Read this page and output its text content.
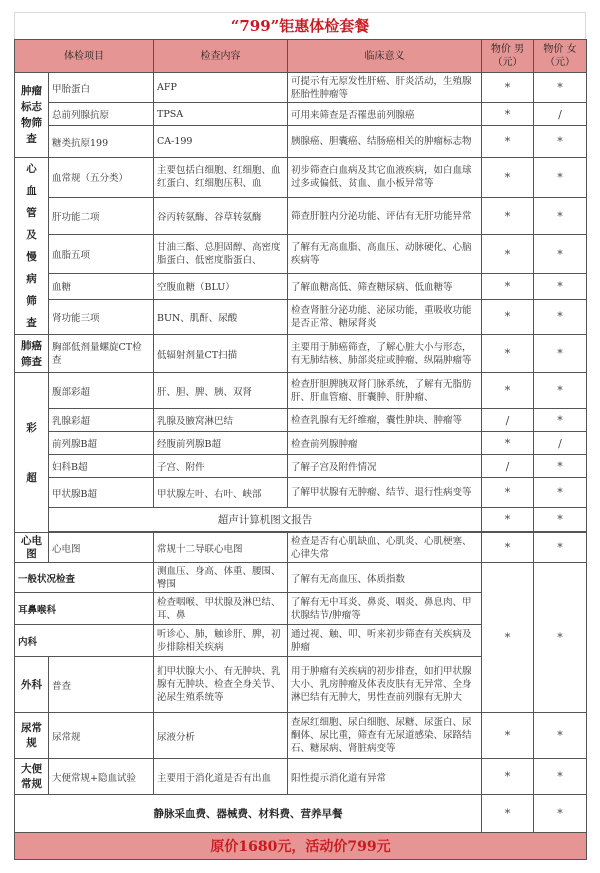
“799”钜惠体检套餐
体检项目		检查内容	临床意义	物价 男
（元）	物价 女
（元）
肿瘤标志物筛查	甲胎蛋白	AFP	可提示有无原发性肝癌、肝炎活动，生殖腺胚胎性肿瘤等	*	*
	总前列腺抗原	TPSA	可用来筛查是否罹患前列腺癌	*	/
	糖类抗原199	CA-199	胰腺癌、胆囊癌、结肠癌相关的肿瘤标志物	*	*
心血管及慢病筛查	血常规（五分类）	主要包括白细胞、红细胞、血红蛋白、红细胞压积、血	初步筛查白血病及其它血液疾病，如白血球过多或偏低、贫血、血小板异常等	*	*
	肝功能二项	谷丙转氨酶、谷草转氨酶	筛查肝脏内分泌功能、评估有无肝功能异常	*	*
	血脂五项	甘油三酯、总胆固醇、高密度脂蛋白、低密度脂蛋白、	了解有无高血脂、高血压、动脉硬化、心脑疾病等	*	*
	血糖	空腹血糖（BLU）	了解血糖高低、筛查糖尿病、低血糖等	*	*
	肾功能三项	BUN、肌酐、尿酸	检查肾脏分泌功能、泌尿功能，重吸收功能是否正常、糖尿肾炎	*	*
肺癌筛查	胸部低剂量螺旋CT检查	低辐射剂量CT扫描	主要用于肺癌筛查，了解心脏大小与形态，有无肺结核、肺部炎症或肿瘤、纵隔肿瘤等	*	*
彩超	腹部彩超	肝、胆、脾、胰、双肾	检查肝胆脾胰双肾门脉系统，了解有无脂肪肝、肝血管瘤、肝囊肿、肝肿瘤、	*	*
	乳腺彩超	乳腺及腋窝淋巴结	检查乳腺有无纤维瘤，囊性肿块、肿瘤等	/	*
	前列腺B超	经腹前列腺B超	检查前列腺肿瘤	*	/
	妇科B超	子宫、附件	了解子宫及附件情况	/	*
	甲状腺B超	甲状腺左叶、右叶、峡部	了解甲状腺有无肿瘤、结节、退行性病变等	*	*
	超声计算机图文报告			*	*

心电图	心电图	常规十二导联心电图	检查是否有心肌缺血、心肌炎、心肌梗塞、心律失常	*	*
一般状况检查		测血压、身高、体重、腰围、臀围	了解有无高血压、体质指数	*	*
耳鼻喉科		检查咽喉、甲状腺及淋巴结、耳、鼻	了解有无中耳炎、鼻炎、咽炎、鼻息肉、甲状腺结节/肿瘤等		
内科		听诊心、肺，触诊肝、脾，初步排除相关疾病	通过视、触、叩、听来初步筛查有关疾病及肿瘤		
外科	普查	扪甲状腺大小、有无肿块、乳腺有无肿块、检查全身关节、泌尿生殖系统等	用于肿瘤有关疾病的初步排查，如扪甲状腺大小、乳房肿瘤及体表皮肤有无异常、全身淋巴结有无肿大，男性查前列腺有无肿大		

尿常规	尿常规	尿液分析	查尿红细胞、尿白细胞、尿糖、尿蛋白、尿酮体、尿比重，筛查有无尿道感染、尿路结石、糖尿病、肾脏病变等	*	*
大便常规	大便常规+隐血试验	主要用于消化道是否有出血	阳性提示消化道有异常	*	*
静脉采血费、器械费、材料费、营养早餐				*	*
原价1680元，活动价799元					
